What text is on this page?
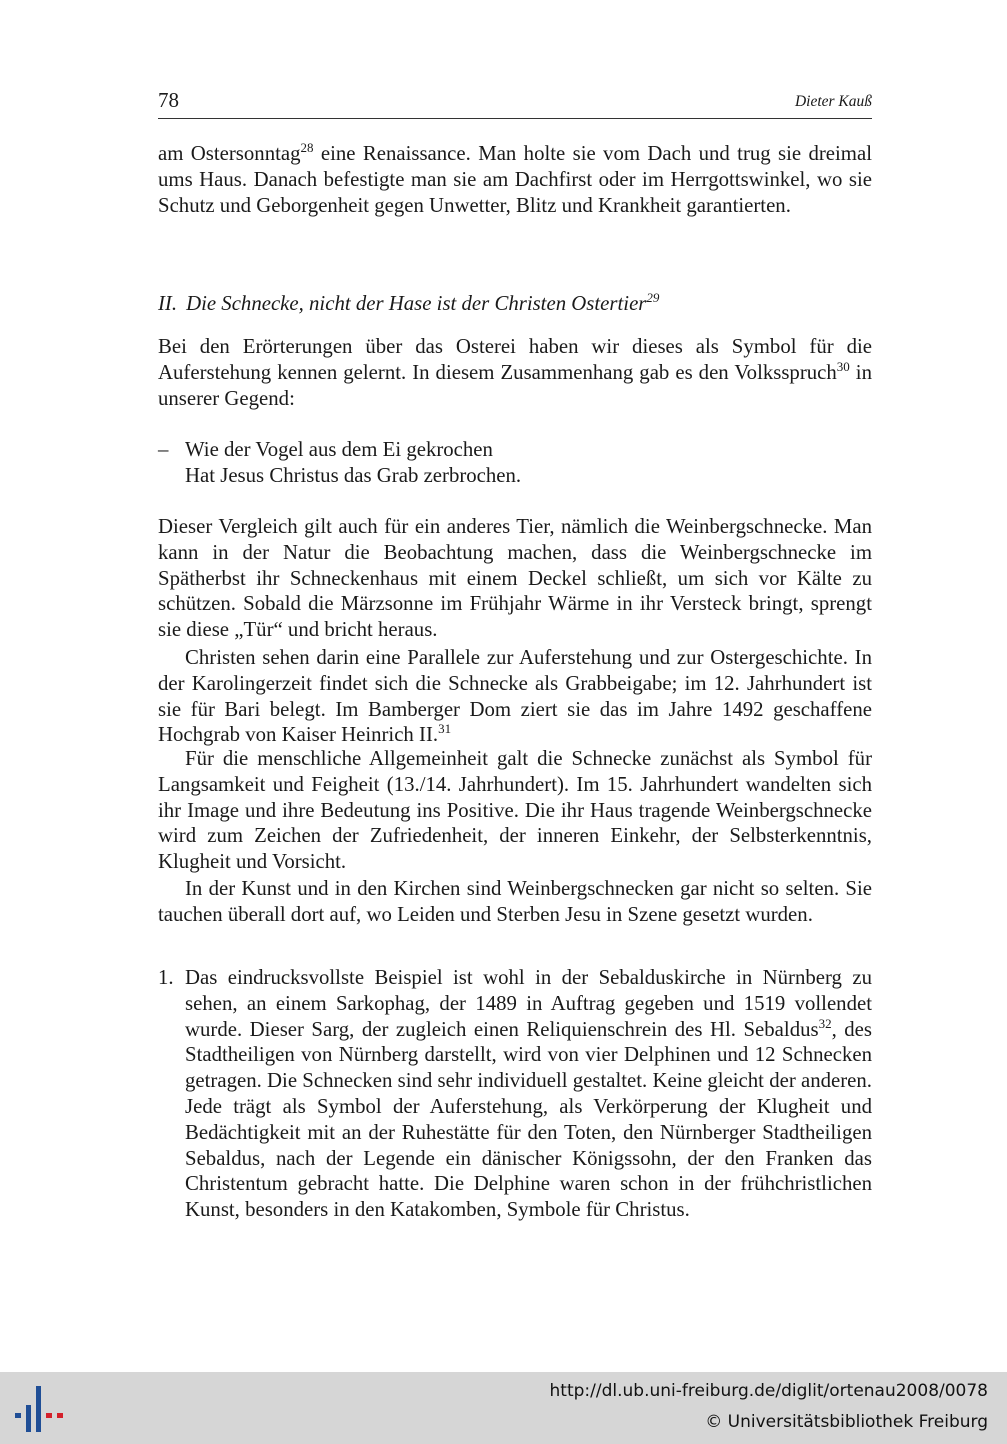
78	Dieter Kauß

am Ostersonntag$^{28}$ eine Renaissance. Man holte sie vom Dach und trug sie dreimal ums Haus. Danach befestigte man sie am Dachfirst oder im Herrgottswinkel, wo sie Schutz und Geborgenheit gegen Unwetter, Blitz und Krankheit garantierten.

II. Die Schnecke, nicht der Hase ist der Christen Ostertier$^{29}$

Bei den Erörterungen über das Osterei haben wir dieses als Symbol für die Auferstehung kennen gelernt. In diesem Zusammenhang gab es den Volksspruch$^{30}$ in unserer Gegend:

– Wie der Vogel aus dem Ei gekrochen
Hat Jesus Christus das Grab zerbrochen.

Dieser Vergleich gilt auch für ein anderes Tier, nämlich die Weinbergschnecke. Man kann in der Natur die Beobachtung machen, dass die Weinbergschnecke im Spätherbst ihr Schneckenhaus mit einem Deckel schließt, um sich vor Kälte zu schützen. Sobald die Märzsonne im Frühjahr Wärme in ihr Versteck bringt, sprengt sie diese „Tür“ und bricht heraus.

Christen sehen darin eine Parallele zur Auferstehung und zur Ostergeschichte. In der Karolingerzeit findet sich die Schnecke als Grabbeigabe; im 12. Jahrhundert ist sie für Bari belegt. Im Bamberger Dom ziert sie das im Jahre 1492 geschaffene Hochgrab von Kaiser Heinrich II.$^{31}$

Für die menschliche Allgemeinheit galt die Schnecke zunächst als Symbol für Langsamkeit und Feigheit (13./14. Jahrhundert). Im 15. Jahrhundert wandelten sich ihr Image und ihre Bedeutung ins Positive. Die ihr Haus tragende Weinbergschnecke wird zum Zeichen der Zufriedenheit, der inneren Einkehr, der Selbsterkenntnis, Klugheit und Vorsicht.

In der Kunst und in den Kirchen sind Weinbergschnecken gar nicht so selten. Sie tauchen überall dort auf, wo Leiden und Sterben Jesu in Szene gesetzt wurden.

1. Das eindrucksvollste Beispiel ist wohl in der Sebalduskirche in Nürnberg zu sehen, an einem Sarkophag, der 1489 in Auftrag gegeben und 1519 vollendet wurde. Dieser Sarg, der zugleich einen Reliquienschrein des Hl. Sebaldus$^{32}$, des Stadtheiligen von Nürnberg darstellt, wird von vier Delphinen und 12 Schnecken getragen. Die Schnecken sind sehr individuell gestaltet. Keine gleicht der anderen. Jede trägt als Symbol der Auferstehung, als Verkörperung der Klugheit und Bedächtigkeit mit an der Ruhestätte für den Toten, den Nürnberger Stadtheiligen Sebaldus, nach der Legende ein dänischer Königssohn, der den Franken das Christentum gebracht hatte. Die Delphine waren schon in der frühchristlichen Kunst, besonders in den Katakomben, Symbole für Christus.

http://dl.ub.uni-freiburg.de/diglit/ortenau2008/0078
© Universitätsbibliothek Freiburg
